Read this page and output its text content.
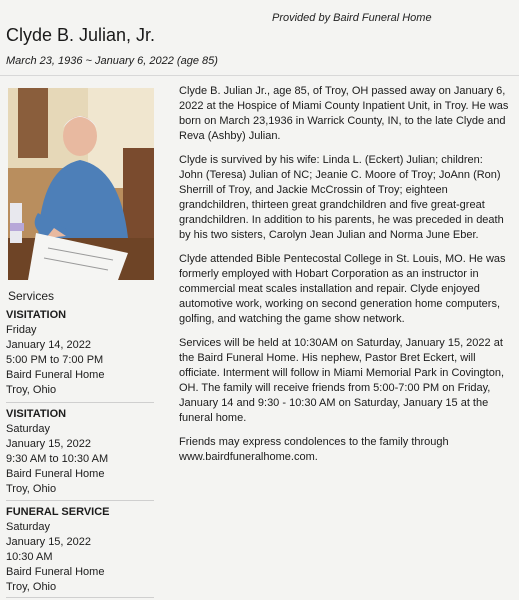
Provided by Baird Funeral Home
Clyde B. Julian, Jr.
March 23, 1936 ~ January 6, 2022 (age 85)
Services
VISITATION
Friday
January 14, 2022
5:00 PM to 7:00 PM
Baird Funeral Home
Troy, Ohio
VISITATION
Saturday
January 15, 2022
9:30 AM to 10:30 AM
Baird Funeral Home
Troy, Ohio
FUNERAL SERVICE
Saturday
January 15, 2022
10:30 AM
Baird Funeral Home
Troy, Ohio

Clyde B. Julian Jr., age 85, of Troy, OH passed away on January 6, 2022 at the Hospice of Miami County Inpatient Unit, in Troy. He was born on March 23,1936 in Warrick County, IN, to the late Clyde and Reva (Ashby) Julian.

Clyde is survived by his wife: Linda L. (Eckert) Julian; children: John (Teresa) Julian of NC; Jeanie C. Moore of Troy; JoAnn (Ron) Sherrill of Troy, and Jackie McCrossin of Troy; eighteen grandchildren, thirteen great grandchildren and five great-great grandchildren. In addition to his parents, he was preceded in death by his two sisters, Carolyn Jean Julian and Norma June Eber.

Clyde attended Bible Pentecostal College in St. Louis, MO. He was formerly employed with Hobart Corporation as an instructor in commercial meat scales installation and repair. Clyde enjoyed automotive work, working on second generation home computers, golfing, and watching the game show network.

Services will be held at 10:30AM on Saturday, January 15, 2022 at the Baird Funeral Home. His nephew, Pastor Bret Eckert, will officiate. Interment will follow in Miami Memorial Park in Covington, OH. The family will receive friends from 5:00-7:00 PM on Friday, January 14 and 9:30 - 10:30 AM on Saturday, January 15 at the funeral home.

Friends may express condolences to the family through www.bairdfuneralhome.com.
